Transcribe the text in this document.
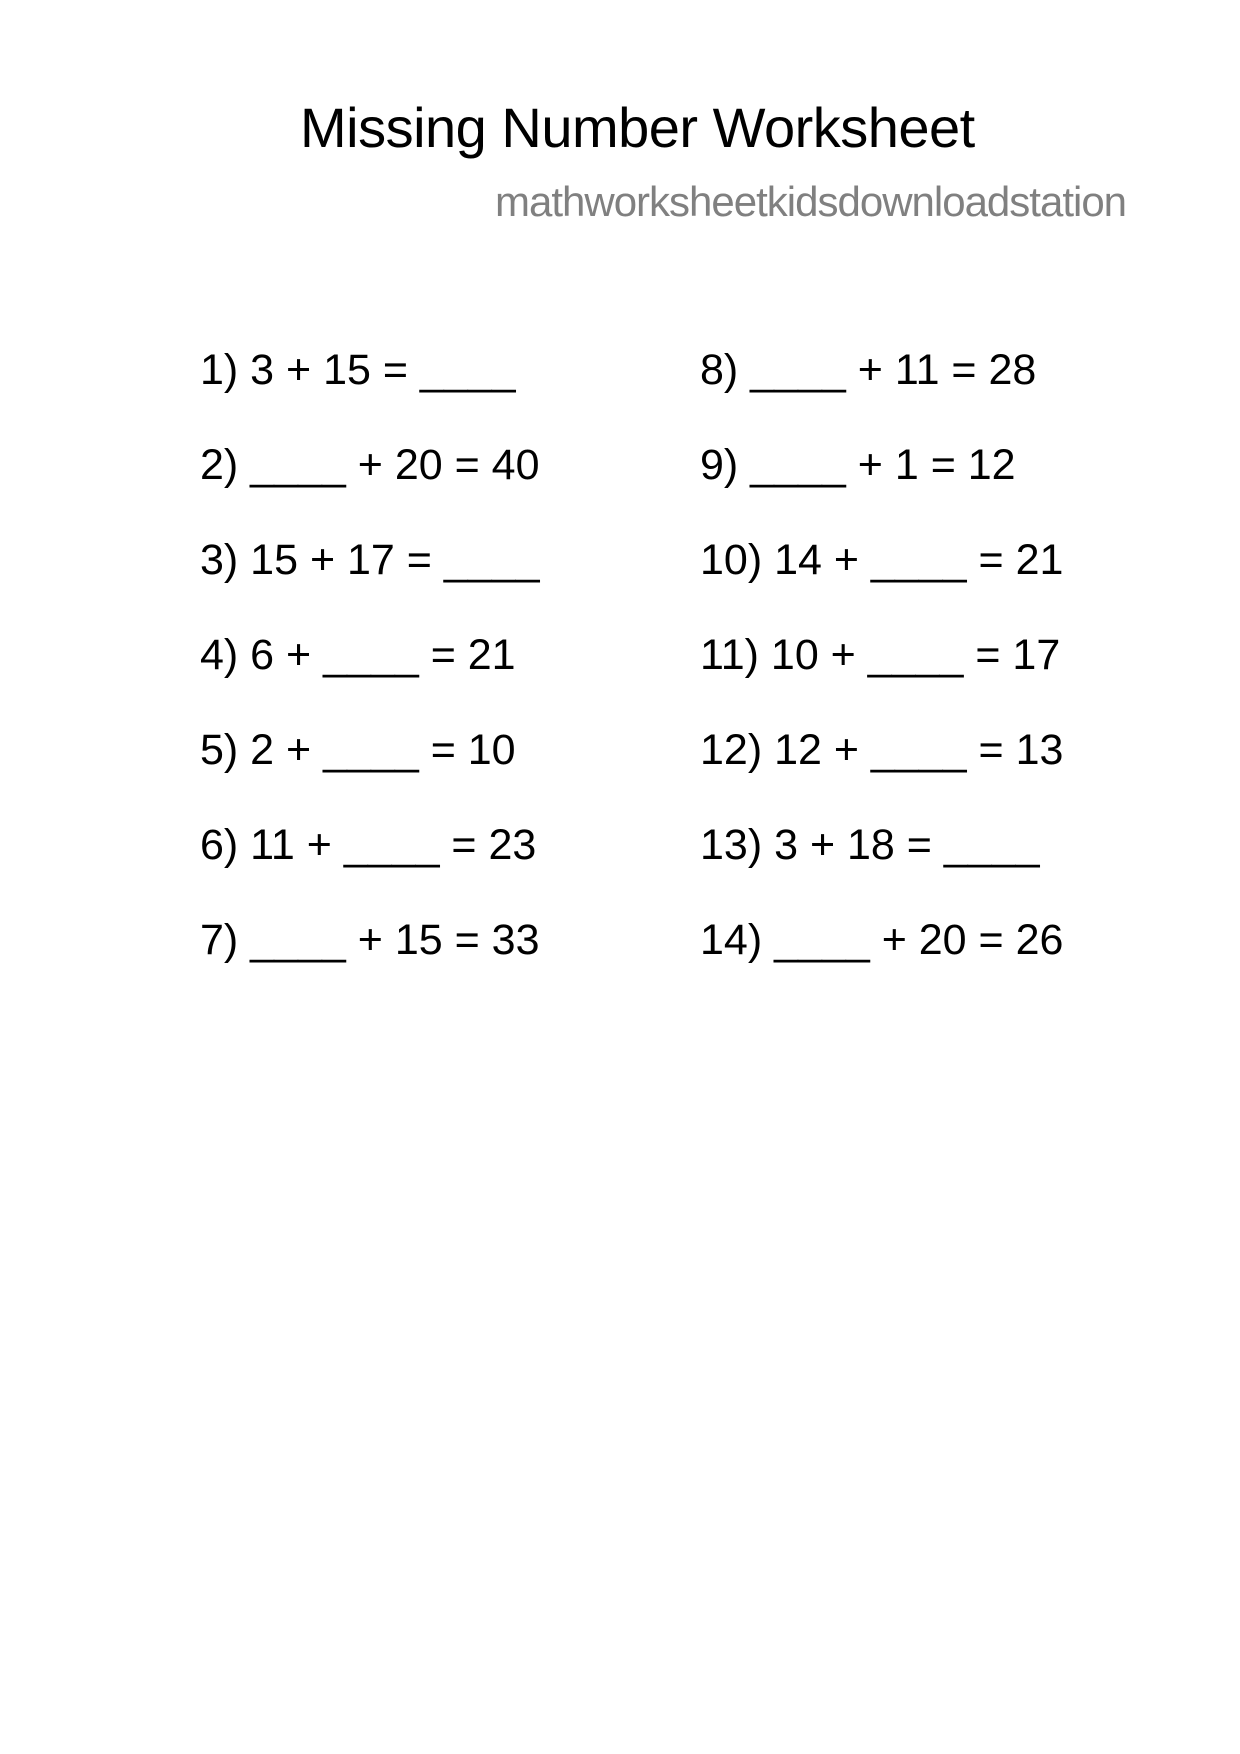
Missing Number Worksheet
mathworksheetkidsdownloadstation
1) 3 + 15 = ____
2) ____ + 20 = 40
3) 15 + 17 = ____
4) 6 + ____ = 21
5) 2 + ____ = 10
6) 11 + ____ = 23
7) ____ + 15 = 33
8) ____ + 11 = 28
9) ____ + 1 = 12
10) 14 + ____ = 21
11) 10 + ____ = 17
12) 12 + ____ = 13
13) 3 + 18 = ____
14) ____ + 20 = 26
